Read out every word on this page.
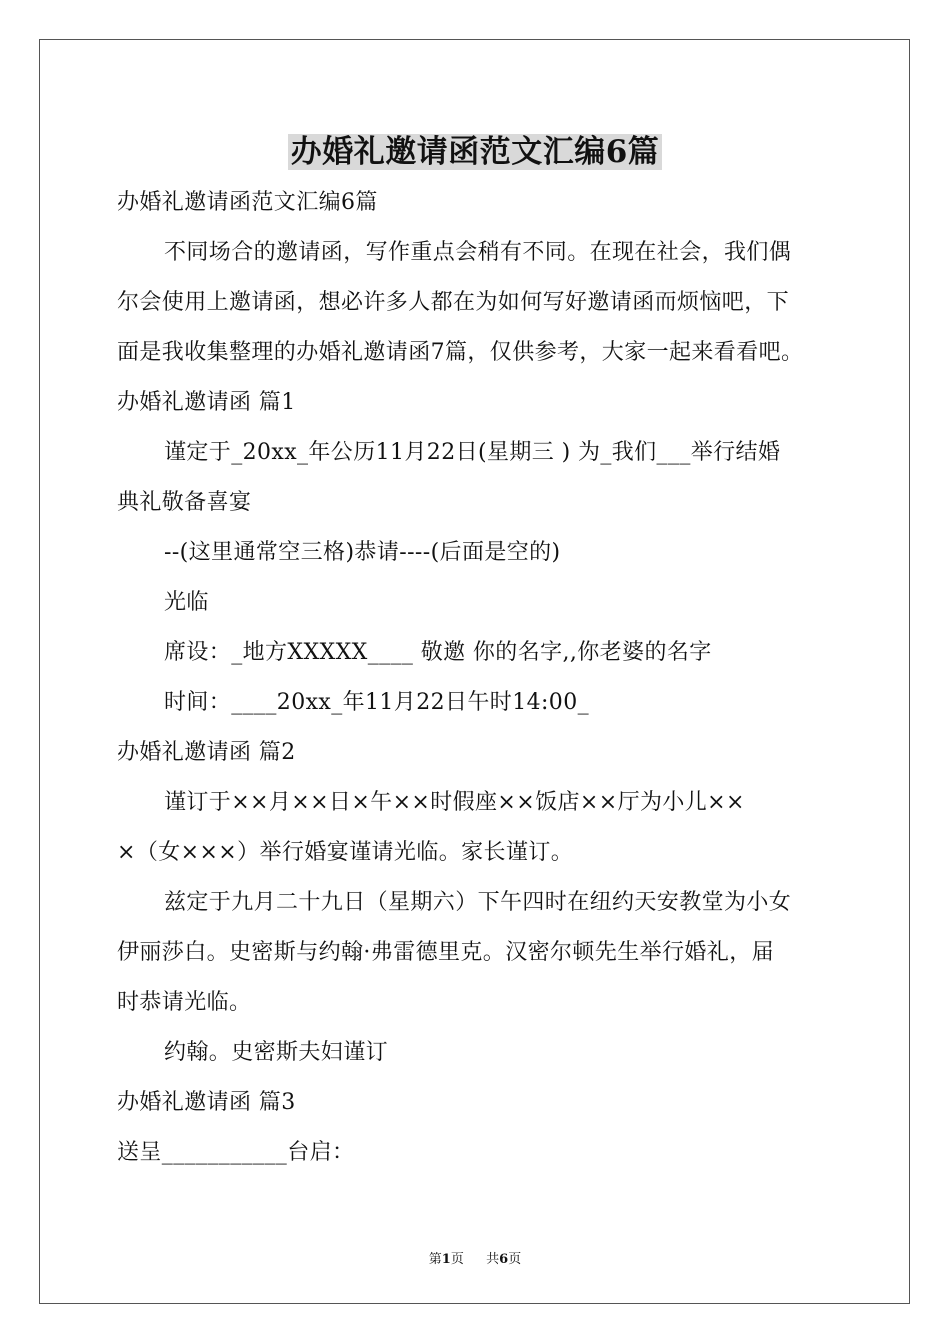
办婚礼邀请函范文汇编6篇
办婚礼邀请函范文汇编6篇
不同场合的邀请函，写作重点会稍有不同。在现在社会，我们偶
尔会使用上邀请函，想必许多人都在为如何写好邀请函而烦恼吧，下
面是我收集整理的办婚礼邀请函7篇，仅供参考，大家一起来看看吧。
办婚礼邀请函 篇1
谨定于_20xx_年公历11月22日(星期三 ) 为_我们___举行结婚
典礼敬备喜宴
--(这里通常空三格)恭请----(后面是空的)
光临
席设：_地方XXXXX____ 敬邀 你的名字,,你老婆的名字
时间：____20xx_年11月22日午时14:00_
办婚礼邀请函 篇2
谨订于××月××日×午××时假座××饭店××厅为小儿××
×（女×××）举行婚宴谨请光临。家长谨订。
兹定于九月二十九日（星期六）下午四时在纽约天安教堂为小女
伊丽莎白。史密斯与约翰·弗雷德里克。汉密尔顿先生举行婚礼，届
时恭请光临。
约翰。史密斯夫妇谨订
办婚礼邀请函 篇3
送呈___________台启：
第1页 共6页
